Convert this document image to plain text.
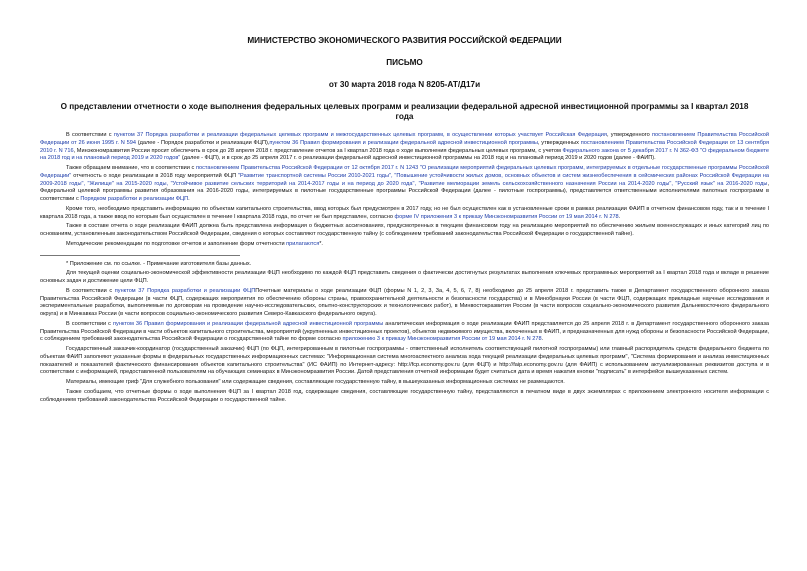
МИНИСТЕРСТВО ЭКОНОМИЧЕСКОГО РАЗВИТИЯ РОССИЙСКОЙ ФЕДЕРАЦИИ
ПИСЬМО
от 30 марта 2018 года N 8205-АТ/Д17и
О представлении отчетности о ходе выполнения федеральных целевых программ и реализации федеральной адресной инвестиционной программы за I квартал 2018 года

В соответствии с пунктом 37 Порядка разработки и реализации федеральных целевых программ и межгосударственных целевых программ, в осуществлении которых участвует Российская Федерация, утвержденного постановлением Правительства Российской Федерации от 26 июня 1995 г. N 594 (далее - Порядок разработки и реализации ФЦП),пунктом 36 Правил формирования и реализации федеральной адресной инвестиционной программы, утвержденных постановлением Правительства Российской Федерации от 13 сентября 2010 г. N 716, Минэкономразвития России просит обеспечить в срок до 28 апреля 2018 г. представление отчетов за I квартал 2018 года о ходе выполнения федеральных целевых программ, с учетом Федерального закона от 5 декабря 2017 г. N 362-ФЗ "О федеральном бюджете на 2018 год и на плановый период 2019 и 2020 годов" (далее - ФЦП), и в срок до 25 апреля 2017 г. о реализации федеральной адресной инвестиционной программы на 2018 год и на плановый период 2019 и 2020 годов (далее - ФАИП).

Также обращаем внимание, что в соответствии с постановлением Правительства Российской Федерации от 12 октября 2017 г. N 1243 "О реализации мероприятий федеральных целевых программ, интегрируемых в отдельные государственные программы Российской Федерации" отчетность о ходе реализации в 2018 году мероприятий ФЦП "Развитие транспортной системы России 2010-2021 годы", "Повышение устойчивости жилых домов, основных объектов и систем жизнеобеспечения в сейсмических районах Российской Федерации на 2009-2018 годы", "Жилище" на 2015-2020 годы, "Устойчивое развитие сельских территорий на 2014-2017 годы и на период до 2020 года", "Развитие мелиорации земель сельскохозяйственного назначения России на 2014-2020 годы", "Русский язык" на 2016-2020 годы, Федеральной целевой программы развития образования на 2016-2020 годы, интегрируемых в пилотные государственные программы Российской Федерации (далее - пилотные госпрограммы), представляется ответственными исполнителями пилотных госпрограмм в соответствии с Порядком разработки и реализации ФЦП.

Кроме того, необходимо представить информацию по объектам капитального строительства, ввод которых был предусмотрен в 2017 году, но не был осуществлен как в установленные сроки в рамках реализации ФАИП в отчетном финансовом году, так и в течение I квартала 2018 года, а также ввод по которым был осуществлен в течение I квартала 2018 года, по отчет не был представлен, согласно форме IV приложения 3 к приказу Минэкономразвития России от 19 мая 2014 г. N 278.

Также в составе отчета о ходе реализации ФАИП должна быть представлена информация о бюджетных ассигнованиях, предусмотренных в текущем финансовом году на реализацию мероприятий по обеспечению жильем военнослужащих и иных категорий лиц по основаниям, установленным законодательством Российской Федерации, сведения о которых составляют государственную тайну (с соблюдением требований законодательства Российской Федерации о государственной тайне).

Методические рекомендации по подготовке отчетов и заполнение форм отчетности прилагаются*.

* Приложение см. по ссылке. - Примечание изготовителя базы данных.

Для текущей оценки социально-экономической эффективности реализации ФЦП необходимо по каждой ФЦП представить сведения о фактически достигнутых результатах выполнения ключевых программных мероприятий за I квартал 2018 года и вкладе в решение основных задач и достижение цели ФЦП.

В соответствии с пунктом 37 Порядка разработки и реализации ФЦППочетные материалы о ходе реализации ФЦП (формы N 1, 2, 3, За, 4, 5, 6, 7, 8) необходимо до 25 апреля 2018 г. представить также в Департамент государственного оборонного заказа Правительства Российской Федерации (в части ФЦП, содержащих мероприятия по обеспечению обороны страны, правоохранительной деятельности и безопасности государства) и в Минобрнауки России (в части ФЦП, содержащих прикладные научные исследования и экспериментальные разработки, выполняемые по договорам на проведение научно-исследовательских, опытно-конструкторских и технологических работ), в Минвостокразвития России (в части вопросов социально-экономического развития Дальневосточного федерального округа) и в Минкавказ России (в части вопросов социально-экономического развития Северо-Кавказского федерального округа).

В соответствии с пунктом 36 Правил формирования и реализации федеральной адресной инвестиционной программы аналитическая информация о ходе реализации ФАИП представляется до 25 апреля 2018 г. в Департамент государственного оборонного заказа Правительства Российской Федерации в части объектов капитального строительства, мероприятий (укрупненных инвестиционных проектов), объектов недвижимого имущества, включенных в ФАИП, и предназначенных для нужд обороны и безопасности Российской Федерации, с соблюдением требований законодательства Российской Федерации о государственной тайне по форме согласно приложению 3 к приказу Минэкономразвития России от 19 мая 2014 г. N 278.

Государственный заказчик-координатор (государственный заказчик) ФЦП (по ФЦП, интегрированным в пилотные госпрограммы - ответственный исполнитель соответствующей пилотной госпрограммы) или главный распорядитель средств федерального бюджета по объектам ФАИП заполняют указанные формы в федеральных государственных информационных системах: "Информационная система многоаспектного анализа хода текущей реализации федеральных целевых программ", "Система формирования и анализа инвестиционных показателей и показателей фактического финансирования объектов капитального строительства" (ИС ФАИП) по Интернет-адресу: http://fcp.economy.gov.ru (для ФЦП) и http://faip.economy.gov.ru (для ФАИП) с использованием актуализированных реквизитов доступа и в соответствии с информацией, предоставленной пользователям на обучающих семинарах в Минэкономразвития России. Датой представления отчетной информации будет считаться дата и время нажатия кнопки "подписать" в интерфейсе вышеуказанных систем.

Материалы, имеющие гриф "Для служебного пользования" или содержащие сведения, составляющие государственную тайну, в вышеуказанных информационных системах не размещаются.

Также сообщаем, что отчетные формы о ходе выполнения ФЦП за I квартал 2018 год, содержащие сведения, составляющие государственную тайну, представляются в печатном виде в двух экземплярах с приложением электронного носителя информации с соблюдением требований законодательства Российской Федерации о государственной тайне.
